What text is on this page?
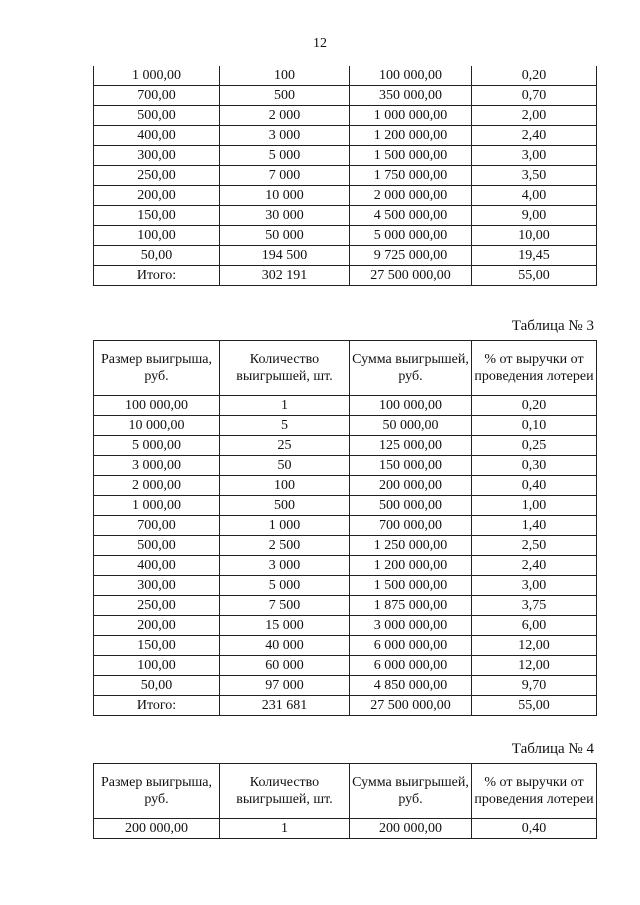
12
1 000,00	100	100 000,00	0,20
700,00	500	350 000,00	0,70
500,00	2 000	1 000 000,00	2,00
400,00	3 000	1 200 000,00	2,40
300,00	5 000	1 500 000,00	3,00
250,00	7 000	1 750 000,00	3,50
200,00	10 000	2 000 000,00	4,00
150,00	30 000	4 500 000,00	9,00
100,00	50 000	5 000 000,00	10,00
50,00	194 500	9 725 000,00	19,45
Итого:	302 191	27 500 000,00	55,00
Таблица № 3
Размер выигрыша, руб.	Количество выигрышей, шт.	Сумма выигрышей, руб.	% от выручки от проведения лотереи
100 000,00	1	100 000,00	0,20
10 000,00	5	50 000,00	0,10
5 000,00	25	125 000,00	0,25
3 000,00	50	150 000,00	0,30
2 000,00	100	200 000,00	0,40
1 000,00	500	500 000,00	1,00
700,00	1 000	700 000,00	1,40
500,00	2 500	1 250 000,00	2,50
400,00	3 000	1 200 000,00	2,40
300,00	5 000	1 500 000,00	3,00
250,00	7 500	1 875 000,00	3,75
200,00	15 000	3 000 000,00	6,00
150,00	40 000	6 000 000,00	12,00
100,00	60 000	6 000 000,00	12,00
50,00	97 000	4 850 000,00	9,70
Итого:	231 681	27 500 000,00	55,00
Таблица № 4
Размер выигрыша, руб.	Количество выигрышей, шт.	Сумма выигрышей, руб.	% от выручки от проведения лотереи
200 000,00	1	200 000,00	0,40
